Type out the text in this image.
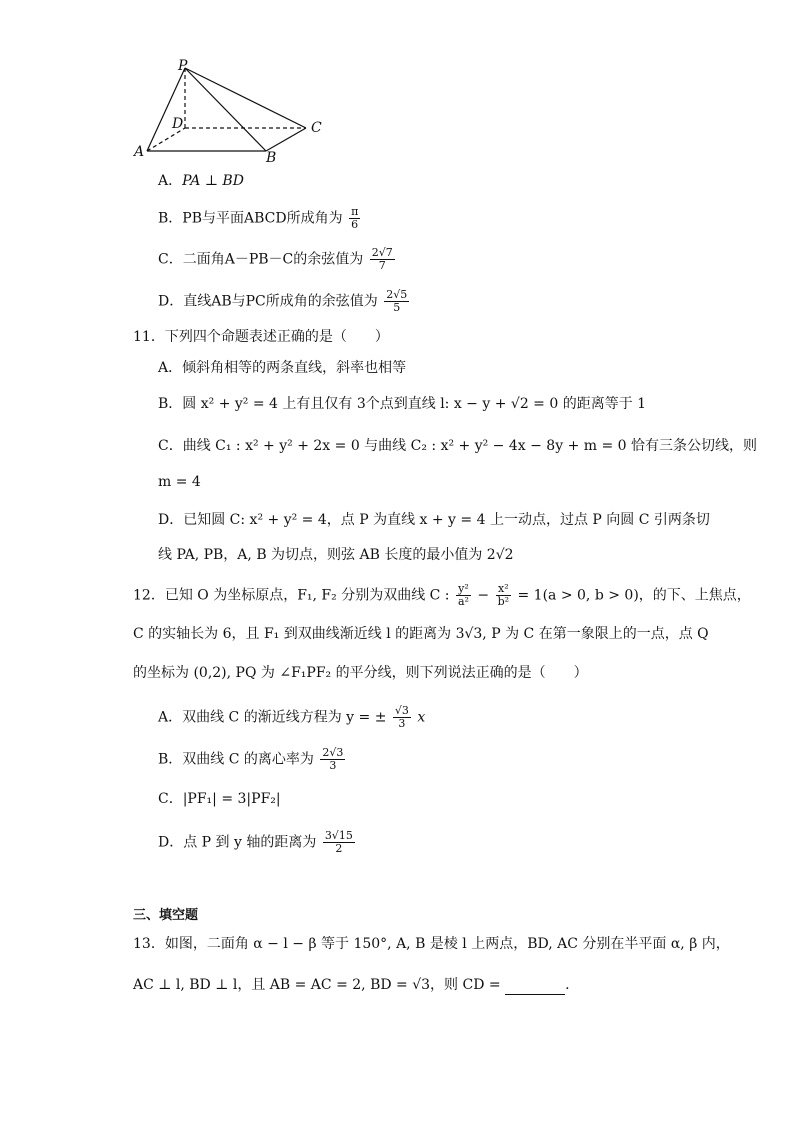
P
A	B
C
D
A．PA ⊥ BD
B．PB与平面ABCD所成角为 $\frac{\pi}{6}$
C．二面角A－PB－C的余弦值为 $\frac{2√7}{7}$
D．直线AB与PC所成角的余弦值为 $\frac{2√5}{5}$
11．下列四个命题表述正确的是（　　）
A．倾斜角相等的两条直线，斜率也相等
B．圆 x² + y² = 4 上有且仅有 3个点到直线 l: x − y + √2 = 0 的距离等于 1
C．曲线 C₁ : x² + y² + 2x = 0 与曲线 C₂ : x² + y² − 4x − 8y + m = 0 恰有三条公切线，则
m = 4
D．已知圆 C: x² + y² = 4，点 P 为直线 x + y = 4 上一动点，过点 P 向圆 C 引两条切
线 PA, PB，A, B 为切点，则弦 AB 长度的最小值为 2√2
12．已知 O 为坐标原点，F₁, F₂ 分别为双曲线 C : $\frac{\text{y²}}{\text{a²}} - \frac{\text{x²}}{\text{b²}} = 1(a > 0$, b > 0)，的下、上焦点，
C 的实轴长为 6，且 F₁ 到双曲线渐近线 l 的距离为 3√3, P 为 C 在第一象限上的一点，点 Q
的坐标为 (0,2), PQ 为 ∠F₁PF₂ 的平分线，则下列说法正确的是（　　）
A．双曲线 C 的渐近线方程为 y = ± $\frac{√3}{3}$ x
B．双曲线 C 的离心率为 $\frac{2√3}{3}$
C．|PF₁| = 3|PF₂|
D．点 P 到 y 轴的距离为 $\frac{3√15}{2}$
三、填空题
13．如图，二面角 α − l − β 等于 150°, A, B 是棱 l 上两点，BD, AC 分别在半平面 α, β 内，
AC ⊥ l, BD ⊥ l，且 AB = AC = 2, BD = √3，则 CD =	.
